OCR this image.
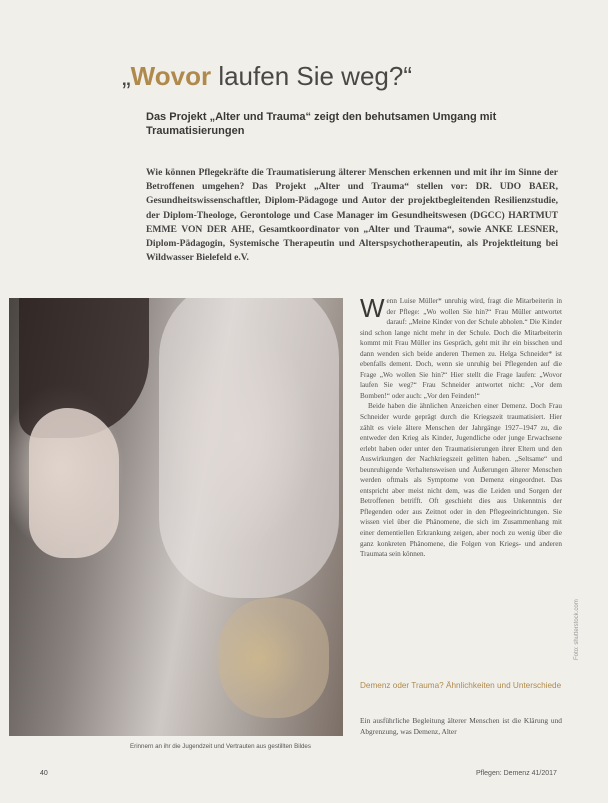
„Wovor laufen Sie weg?“
Das Projekt „Alter und Trauma“ zeigt den behutsamen Umgang mit Traumatisierungen
Wie können Pflegekräfte die Traumatisierung älterer Menschen erkennen und mit ihr im Sinne der Betroffenen umgehen? Das Projekt „Alter und Trauma“ stellen vor: DR. UDO BAER, Gesundheitswissenschaftler, Diplom-Pädagoge und Autor der projektbegleitenden Resilienzstudie, der Diplom-Theologe, Gerontologe und Case Manager im Gesundheitswesen (DGCC) HARTMUT EMME VON DER AHE, Gesamtkoordinator von „Alter und Trauma“, sowie ANKE LESNER, Diplom-Pädagogin, Systemische Therapeutin und Alterspsychotherapeutin, als Projektleitung bei Wildwasser Bielefeld e.V.
Erinnern an ihr die Jugendzeit und Vertrauten aus gestillten Bildes
W enn Luise Müller* unruhig wird, fragt die Mitarbeiterin in der Pflege: „Wo wollen Sie hin?“ Frau Müller antwortet darauf: „Meine Kinder von der Schule abholen.“ Die Kinder sind schon lange nicht mehr in der Schule. Doch die Mitarbeiterin kommt mit Frau Müller ins Gespräch, geht mit ihr ein bisschen und dann wenden sich beide anderen Themen zu. Helga Schneider* ist ebenfalls dement. Doch, wenn sie unruhig bei Pflegenden auf die Frage „Wo wollen Sie hin?“ Hier stellt die Frage laufen: „Wovor laufen Sie weg?“ Frau Schneider antwortet nicht: „Vor dem Bomben!“ oder auch: „Vor den Feinden!“

Beide haben die ähnlichen Anzeichen einer Demenz. Doch Frau Schneider wurde geprägt durch die Kriegszeit traumatisiert. Hier zählt es viele ältere Menschen der Jahrgänge 1927–1947 zu, die entweder den Krieg als Kinder, Jugendliche oder junge Erwachsene erlebt haben oder unter den Traumatisierungen ihrer Eltern und den Auswirkungen der Nachkriegszeit gelitten haben. „Seltsame“ und beunruhigende Verhaltensweisen und Äußerungen älterer Menschen werden oftmals als Symptome von Demenz eingeordnet. Das entspricht aber meist nicht dem, was die Leiden und Sorgen der Betroffenen betrifft. Oft geschieht dies aus Unkenntnis der Pflegenden oder aus Zeitnot oder in den Pflegeeinrichtungen. Sie wissen viel über die Phänomene, die sich im Zusammenhang mit einer dementiellen Erkrankung zeigen, aber noch zu wenig über die ganz konkreten Phänomene, die Folgen von Kriegs- und anderen Traumata sein können.

Demenz oder Trauma? Ähnlichkeiten und Unterschiede
Ein ausführliche Begleitung älterer Menschen ist die Klärung und Abgrenzung, was Demenz, Alter
Foto: shutterstock.com
40	Pflegen: Demenz 41/2017
